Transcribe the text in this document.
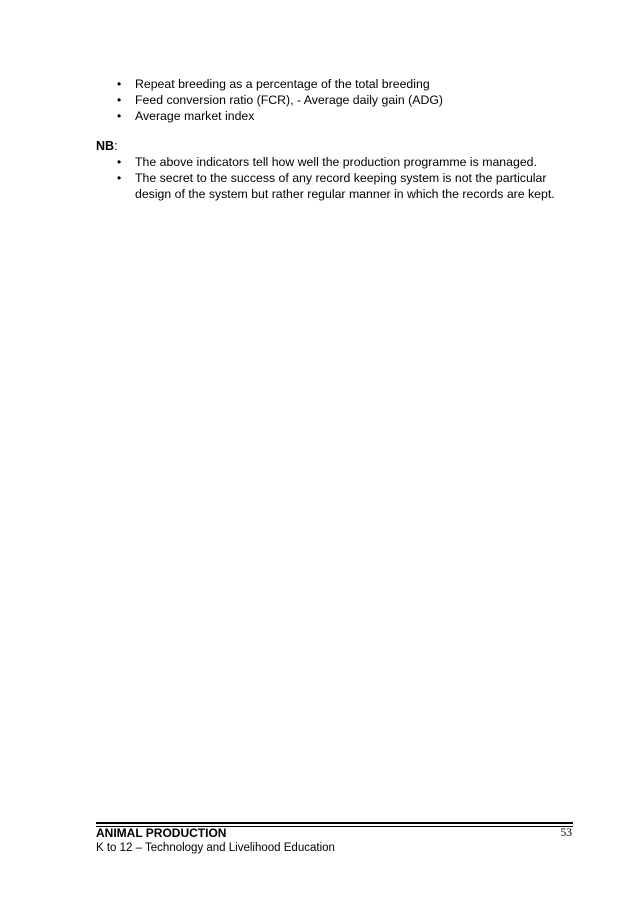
• Repeat breeding as a percentage of the total breeding
• Feed conversion ratio (FCR), - Average daily gain (ADG)
• Average market index
NB:
• The above indicators tell how well the production programme is managed.
• The secret to the success of any record keeping system is not the particular design of the system but rather regular manner in which the records are kept.
ANIMAL PRODUCTION	53
K to 12 – Technology and Livelihood Education
